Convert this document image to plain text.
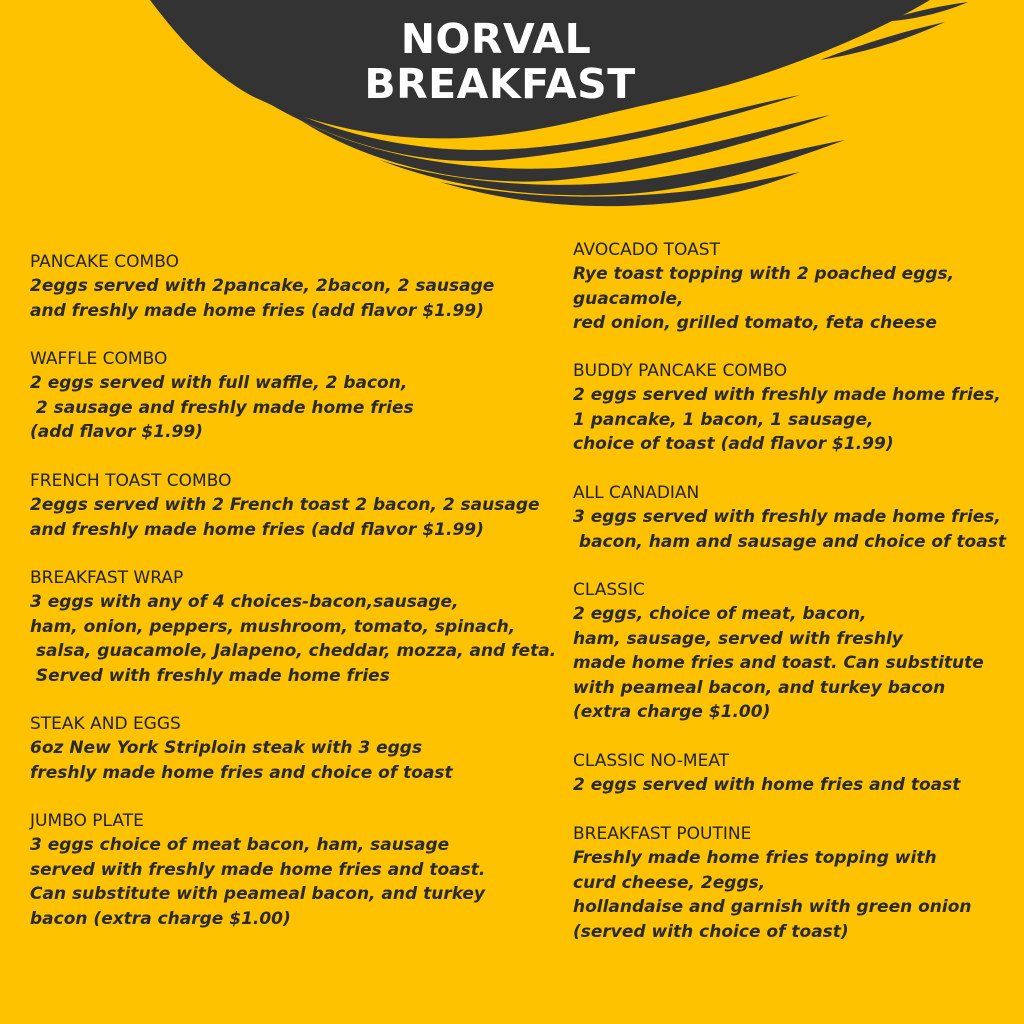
NORVAL
BREAKFAST
PANCAKE COMBO
2eggs served with 2pancake, 2bacon, 2 sausage
and freshly made home fries (add flavor $1.99)
WAFFLE COMBO
2 eggs served with full waffle, 2 bacon,
2 sausage and freshly made home fries
(add flavor $1.99)
FRENCH TOAST COMBO
2eggs served with 2 French toast 2 bacon, 2 sausage
and freshly made home fries (add flavor $1.99)
BREAKFAST WRAP
3 eggs with any of 4 choices-bacon,sausage,
ham, onion, peppers, mushroom, tomato, spinach,
salsa, guacamole, Jalapeno, cheddar, mozza, and feta.
Served with freshly made home fries
STEAK AND EGGS
6oz New York Striploin steak with 3 eggs
freshly made home fries and choice of toast
JUMBO PLATE
3 eggs choice of meat bacon, ham, sausage
served with freshly made home fries and toast.
Can substitute with peameal bacon, and turkey
bacon (extra charge $1.00)
AVOCADO TOAST
Rye toast topping with 2 poached eggs,
guacamole,
red onion, grilled tomato, feta cheese
BUDDY PANCAKE COMBO
2 eggs served with freshly made home fries,
1 pancake, 1 bacon, 1 sausage,
choice of toast (add flavor $1.99)
ALL CANADIAN
3 eggs served with freshly made home fries,
bacon, ham and sausage and choice of toast
CLASSIC
2 eggs, choice of meat, bacon,
ham, sausage, served with freshly
made home fries and toast. Can substitute
with peameal bacon, and turkey bacon
(extra charge $1.00)
CLASSIC NO-MEAT
2 eggs served with home fries and toast
BREAKFAST POUTINE
Freshly made home fries topping with
curd cheese, 2eggs,
hollandaise and garnish with green onion
(served with choice of toast)
